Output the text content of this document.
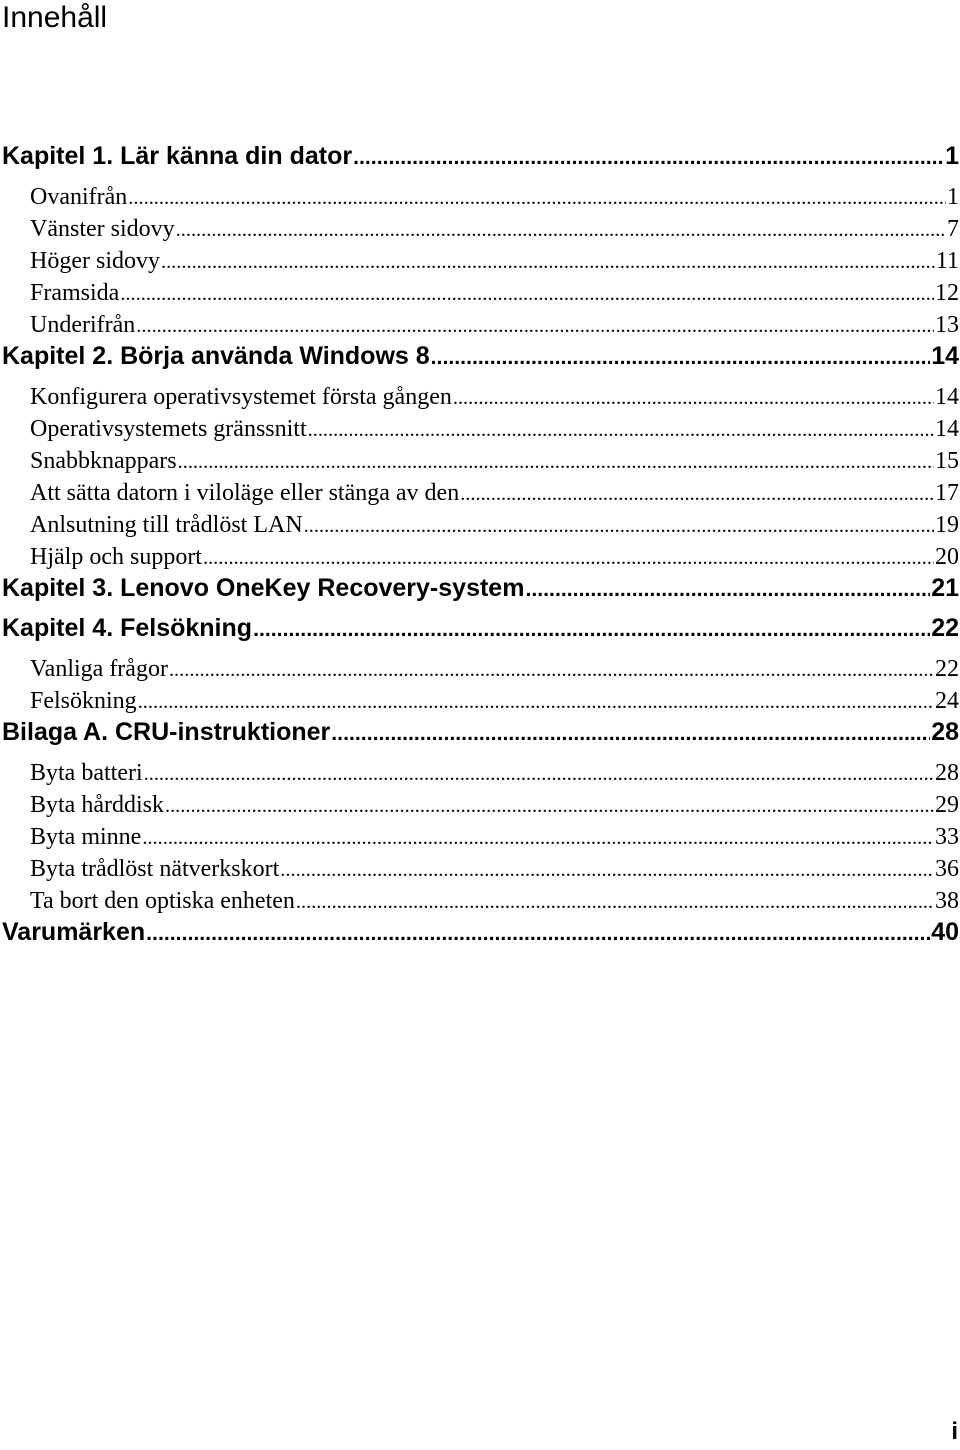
Innehåll
Kapitel 1. Lär känna din dator .....	1
Ovanifrån .....	1
Vänster sidovy .....	7
Höger sidovy .....	11
Framsida .....	12
Underifrån .....	13
Kapitel 2. Börja använda Windows 8 .....	14
Konfigurera operativsystemet första gången .....	14
Operativsystemets gränssnitt .....	14
Snabbknappars .....	15
Att sätta datorn i viloläge eller stänga av den .....	17
Anlsutning till trådlöst LAN .....	19
Hjälp och support .....	20
Kapitel 3. Lenovo OneKey Recovery-system .....	21
Kapitel 4. Felsökning .....	22
Vanliga frågor .....	22
Felsökning .....	24
Bilaga A. CRU-instruktioner .....	28
Byta batteri .....	28
Byta hårddisk .....	29
Byta minne .....	33
Byta trådlöst nätverkskort .....	36
Ta bort den optiska enheten .....	38
Varumärken .....	40
i
